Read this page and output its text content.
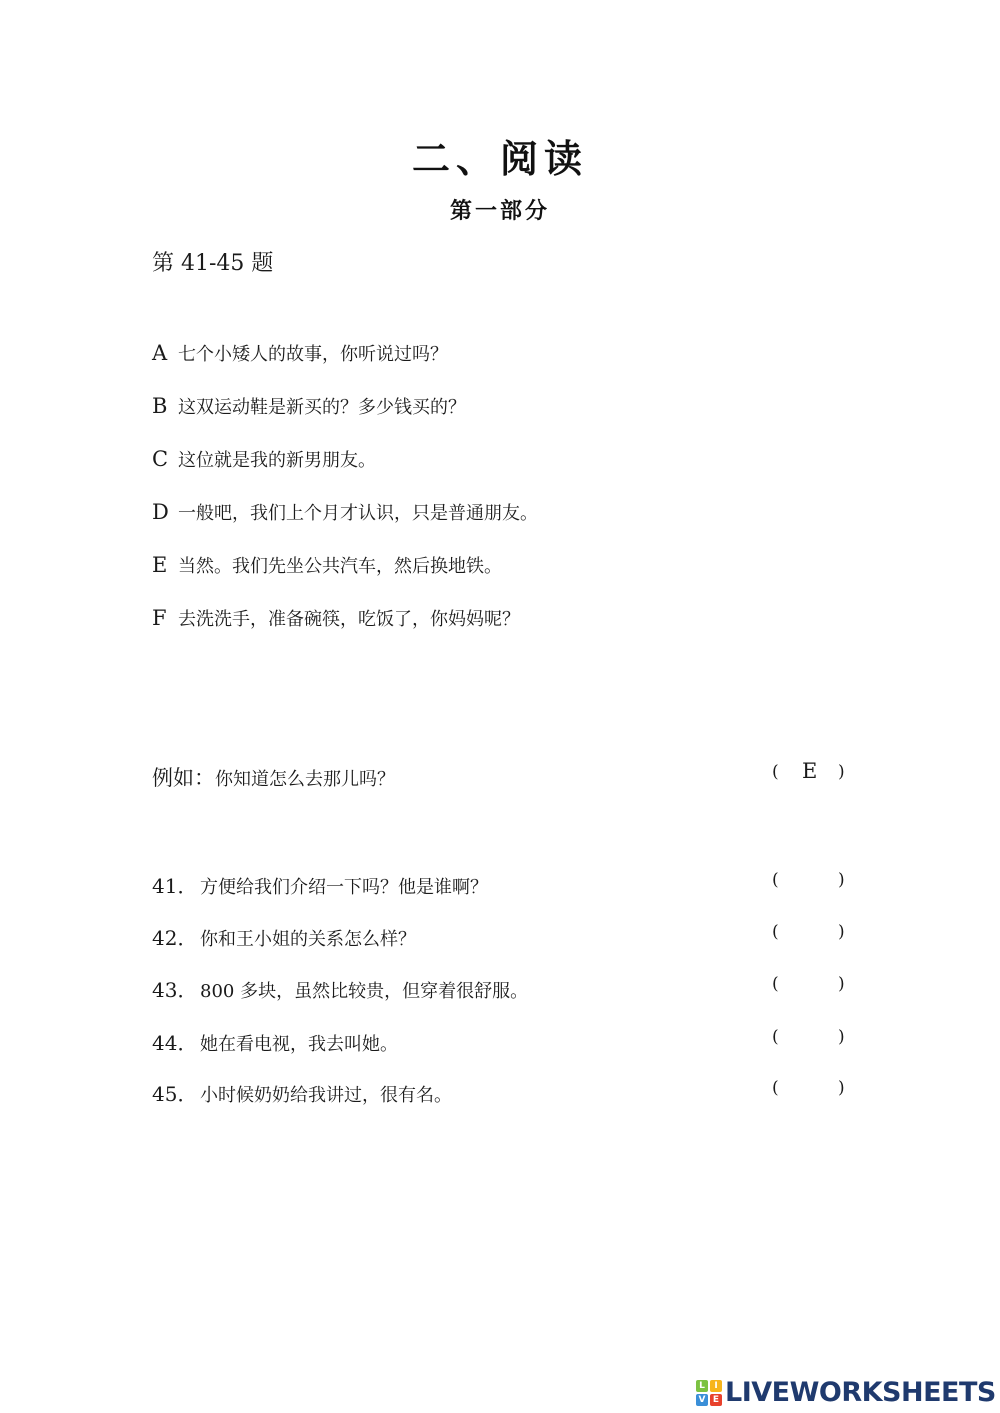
二、阅读
第一部分
第 41-45 题
A 七个小矮人的故事，你听说过吗？
B 这双运动鞋是新买的？多少钱买的？
C 这位就是我的新男朋友。
D 一般吧，我们上个月才认识，只是普通朋友。
E 当然。我们先坐公共汽车，然后换地铁。
F 去洗洗手，准备碗筷，吃饭了，你妈妈呢？
例如：你知道怎么去那儿吗？	( E )
41． 方便给我们介绍一下吗？他是谁啊？	(	)
42． 你和王小姐的关系怎么样？	(	)
43． 800 多块，虽然比较贵，但穿着很舒服。	(	)
44． 她在看电视，我去叫她。	(	)
45． 小时候奶奶给我讲过，很有名。	(	)
L	I
V E LIVEWORKSHEETS
